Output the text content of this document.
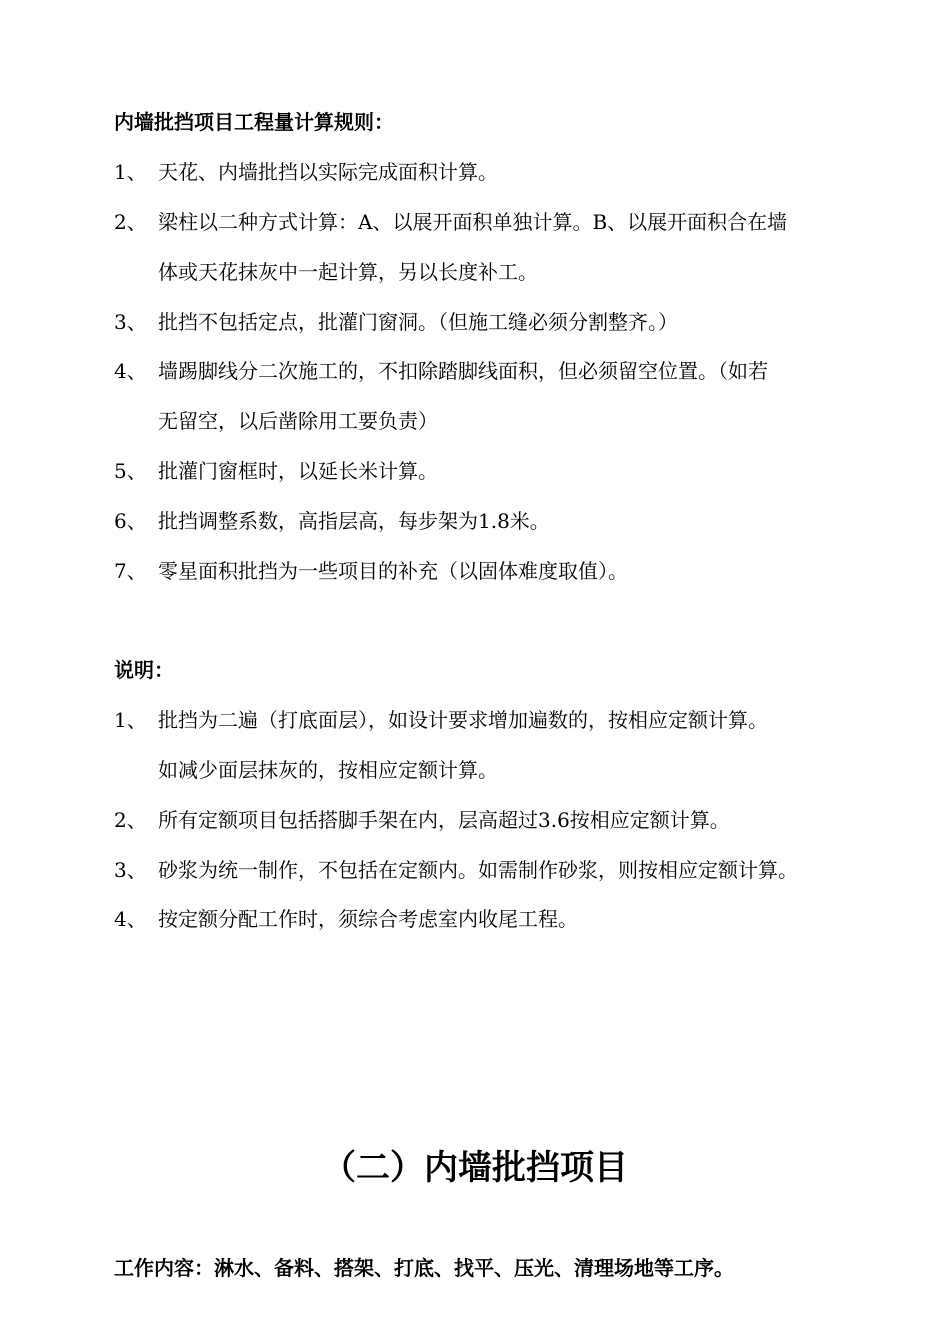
内墙批挡项目工程量计算规则：
1、 天花、内墙批挡以实际完成面积计算。
2、 梁柱以二种方式计算：A、以展开面积单独计算。B、以展开面积合在墙
体或天花抹灰中一起计算，另以长度补工。
3、 批挡不包括定点，批灌门窗洞。（但施工缝必须分割整齐。）
4、 墙踢脚线分二次施工的，不扣除踏脚线面积，但必须留空位置。（如若
无留空，以后凿除用工要负责）
5、 批灌门窗框时，以延长米计算。
6、 批挡调整系数，高指层高，每步架为1.8米。
7、 零星面积批挡为一些项目的补充（以固体难度取值）。
说明：
1、 批挡为二遍（打底面层），如设计要求增加遍数的，按相应定额计算。
如减少面层抹灰的，按相应定额计算。
2、 所有定额项目包括搭脚手架在内，层高超过3.6按相应定额计算。
3、 砂浆为统一制作，不包括在定额内。如需制作砂浆，则按相应定额计算。
4、 按定额分配工作时，须综合考虑室内收尾工程。
（二）内墙批挡项目
工作内容：淋水、备料、搭架、打底、找平、压光、清理场地等工序。
